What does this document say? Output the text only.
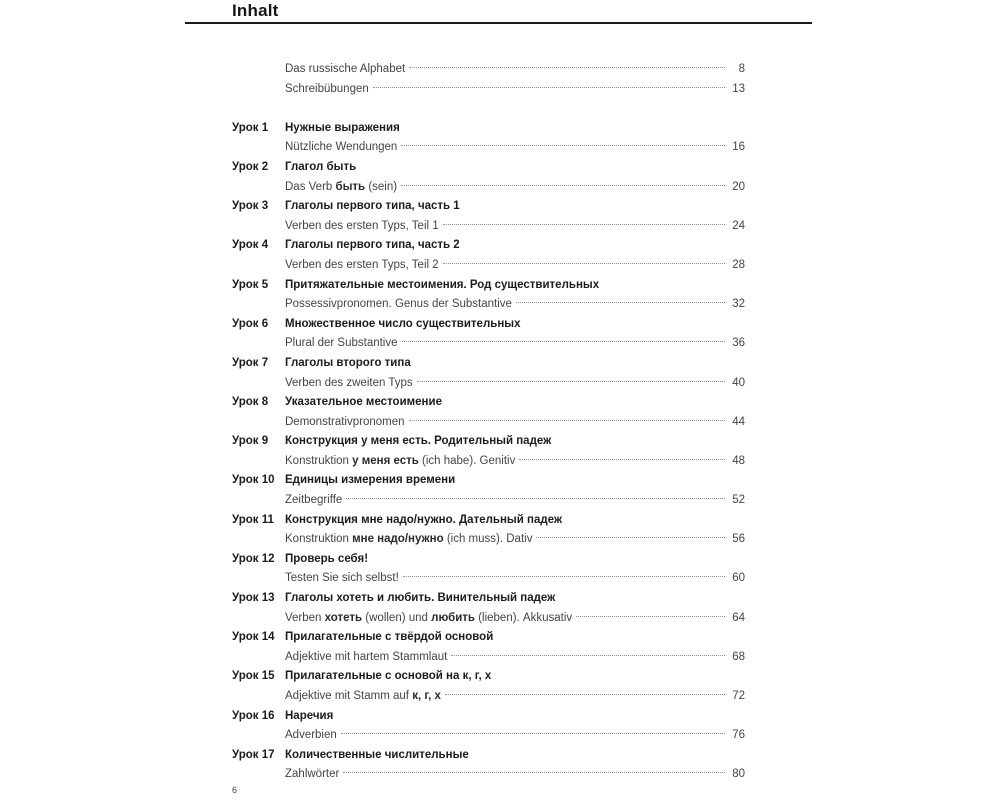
Inhalt
Das russische Alphabet	8
Schreibübungen	13
Урок 1	Нужные выражения
Nützliche Wendungen	16
Урок 2	Глагол быть
Das Verb быть (sein)	20
Урок 3	Глаголы первого типа, часть 1
Verben des ersten Typs, Teil 1	24
Урок 4	Глаголы первого типа, часть 2
Verben des ersten Typs, Teil 2	28
Урок 5	Притяжательные местоимения. Род существительных
Possessivpronomen. Genus der Substantive	32
Урок 6	Множественное число существительных
Plural der Substantive	36
Урок 7	Глаголы второго типа
Verben des zweiten Typs	40
Урок 8	Указательное местоимение
Demonstrativpronomen	44
Урок 9	Конструкция у меня есть. Родительный падеж
Konstruktion у меня есть (ich habe). Genitiv	48
Урок 10 Единицы измерения времени
Zeitbegriffe	52
Урок 11 Конструкция мне надо/нужно. Дательный падеж
Konstruktion мне надо/нужно (ich muss). Dativ	56
Урок 12 Проверь себя!
Testen Sie sich selbst!	60
Урок 13 Глаголы хотеть и любить. Винительный падеж
Verben хотеть (wollen) und любить (lieben). Akkusativ	64
Урок 14 Прилагательные с твёрдой основой
Adjektive mit hartem Stammlaut	68
Урок 15 Прилагательные с основой на к, г, х
Adjektive mit Stamm auf к, г, х	72
Урок 16 Наречия
Adverbien	76
Урок 17 Количественные числительные
Zahlwörter	80
6
